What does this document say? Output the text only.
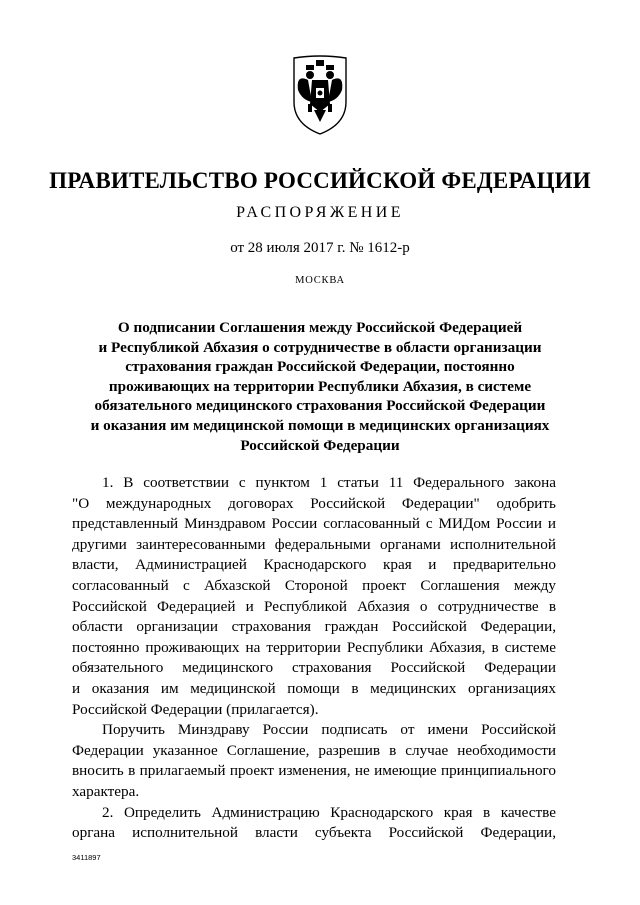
ПРАВИТЕЛЬСТВО РОССИЙСКОЙ ФЕДЕРАЦИИ
РАСПОРЯЖЕНИЕ
от 28 июля 2017 г. № 1612-р
МОСКВА
О подписании Соглашения между Российской Федерацией
и Республикой Абхазия о сотрудничестве в области организации
страхования граждан Российской Федерации, постоянно
проживающих на территории Республики Абхазия, в системе
обязательного медицинского страхования Российской Федерации
и оказания им медицинской помощи в медицинских организациях
Российской Федерации
1. В соответствии с пунктом 1 статьи 11 Федерального закона
"О международных договорах Российской Федерации" одобрить
представленный Минздравом России согласованный с МИДом России и
другими заинтересованными федеральными органами исполнительной
власти, Администрацией Краснодарского края и предварительно
согласованный с Абхазской Стороной проект Соглашения между
Российской Федерацией и Республикой Абхазия о сотрудничестве в
области организации страхования граждан Российской Федерации,
постоянно проживающих на территории Республики Абхазия, в системе
обязательного медицинского страхования Российской Федерации
и оказания им медицинской помощи в медицинских организациях
Российской Федерации (прилагается).
Поручить Минздраву России подписать от имени Российской
Федерации указанное Соглашение, разрешив в случае необходимости
вносить в прилагаемый проект изменения, не имеющие принципиального
характера.
2. Определить Администрацию Краснодарского края в качестве
органа исполнительной власти субъекта Российской Федерации,
3411897
